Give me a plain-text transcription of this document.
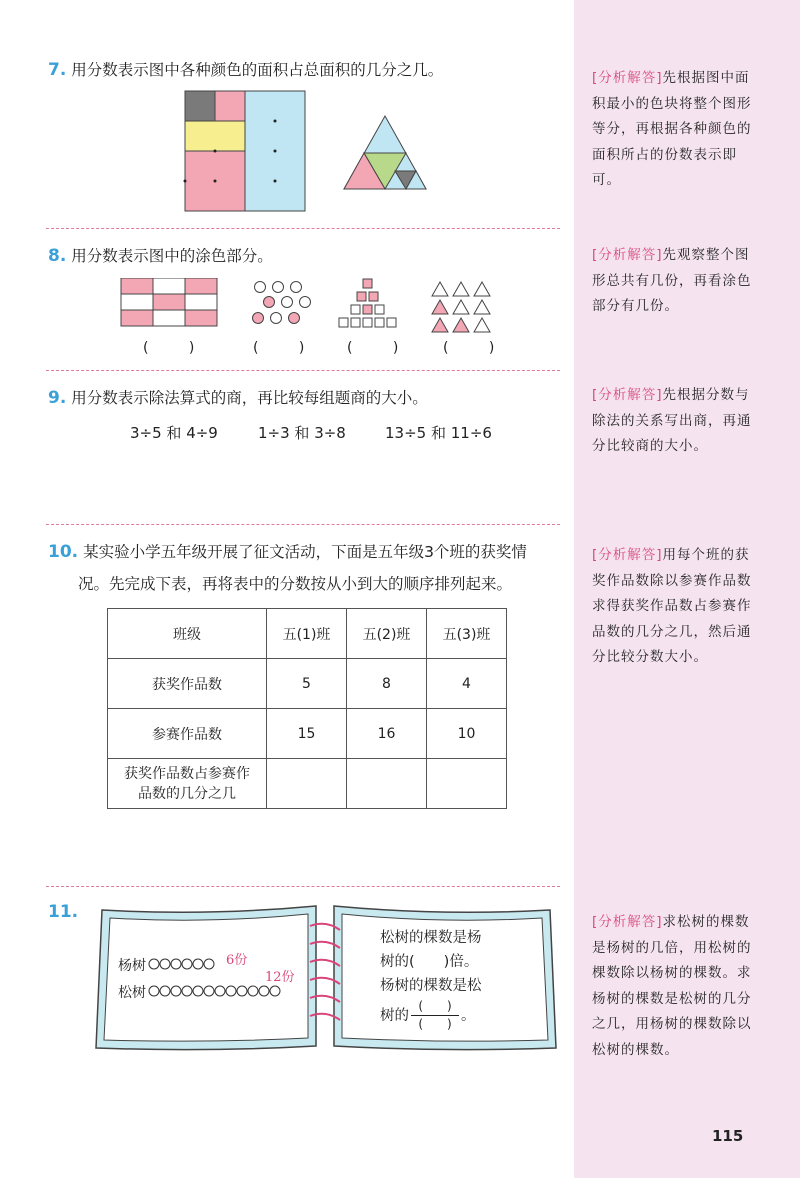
7. 用分数表示图中各种颜色的面积占总面积的几分之几。	[分析解答]先根据图中面积最小的色块将整个图形等分，再根据各种颜色的面积所占的份数表示即可。
8. 用分数表示图中的涂色部分。
( )	( ) ( ) ( )
[分析解答]先观察整个图形总共有几份，再看涂色部分有几份。
9. 用分数表示除法算式的商，再比较每组题商的大小。
3÷5 和 4÷9	1÷3 和 3÷8	13÷5 和 11÷6
[分析解答]先根据分数与除法的关系写出商，再通分比较商的大小。
10. 某实验小学五年级开展了征文活动，下面是五年级3个班的获奖情
况。先完成下表，再将表中的分数按从小到大的顺序排列起来。
班级	五(1)班	五(2)班	五(3)班
获奖作品数	5	8	4
参赛作品数	15	16	10
获奖作品数占参赛作品数的几分之几			
[分析解答]用每个班的获奖作品数除以参赛作品数求得获奖作品数占参赛作品数的几分之几，然后通分比较分数大小。
11.
杨树	6份
松树
12份
松树的棵数是杨
树的(　　)倍。
杨树的棵数是松
树的
(　　)
(　　)
。
[分析解答]求松树的棵数是杨树的几倍，用松树的棵数除以杨树的棵数。求杨树的棵数是松树的几分之几，用杨树的棵数除以松树的棵数。
115
